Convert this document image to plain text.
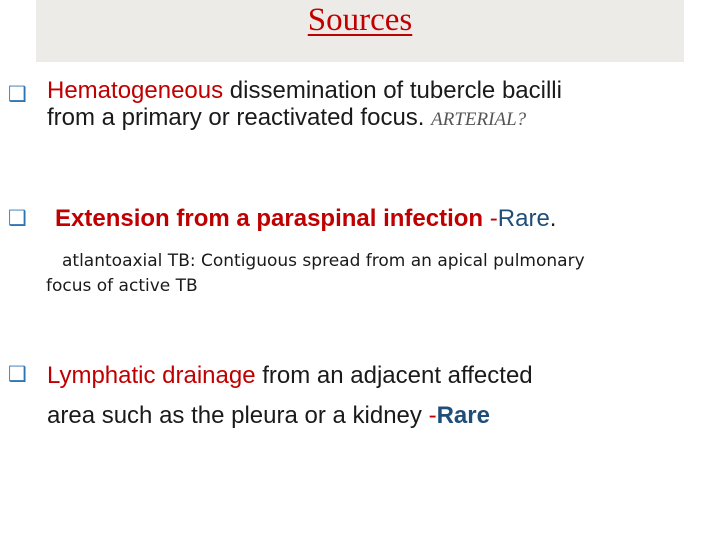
Sources
❑ Hematogeneous dissemination of tubercle bacilli
from a primary or reactivated focus. ARTERIAL?
❑ Extension from a paraspinal infection -Rare.
atlantoaxial TB: Contiguous spread from an apical pulmonary
focus of active TB
❑ Lymphatic drainage from an adjacent affected
area such as the pleura or a kidney -Rare
